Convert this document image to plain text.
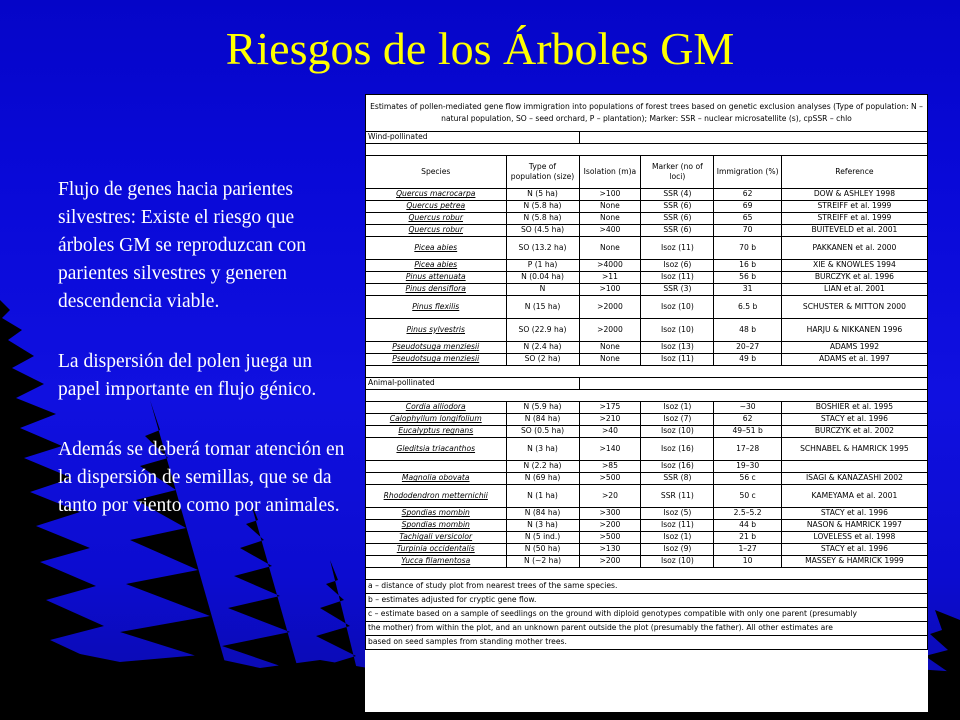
Riesgos de los Árboles GM

Flujo de genes hacia parientes silvestres: Existe el riesgo que árboles GM se reproduzcan con parientes silvestres y generen descendencia viable.

La dispersión del polen juega un papel importante en flujo génico.

Además se deberá tomar atención en la dispersión de semillas, que se da tanto por viento como por animales.

Estimates of pollen-mediated gene flow immigration into populations of forest trees based on genetic exclusion analyses (Type of population: N – natural population, SO – seed orchard, P – plantation); Marker: SSR – nuclear microsatellite (s), cpSSR – chlo					
Wind-pollinated					

Species	Type of population (size)	Isolation (m)a	Marker (no of loci)	Immigration (%)	Reference
Quercus macrocarpa	N (5 ha)	>100	SSR (4)	62	DOW & ASHLEY 1998
Quercus petrea	N (5.8 ha)	None	SSR (6)	69	STREIFF et al. 1999
Quercus robur	N (5.8 ha)	None	SSR (6)	65	STREIFF et al. 1999
Quercus robur	SO (4.5 ha)	>400	SSR (6)	70	BUITEVELD et al. 2001
Picea abies	SO (13.2 ha)	None	Isoz (11)	70 b	PAKKANEN et al. 2000
Picea abies	P (1 ha)	>4000	Isoz (6)	16 b	XIE & KNOWLES 1994
Pinus attenuata	N (0.04 ha)	>11	Isoz (11)	56 b	BURCZYK et al. 1996
Pinus densiflora	N	>100	SSR (3)	31	LIAN et al. 2001
Pinus flexilis	N (15 ha)	>2000	Isoz (10)	6.5 b	SCHUSTER & MITTON 2000
Pinus sylvestris	SO (22.9 ha)	>2000	Isoz (10)	48 b	HARJU & NIKKANEN 1996
Pseudotsuga menziesii	N (2.4 ha)	None	Isoz (13)	20–27	ADAMS 1992
Pseudotsuga menziesii	SO (2 ha)	None	Isoz (11)	49 b	ADAMS et al. 1997

Animal-pollinated					

Cordia alliodora	N (5.9 ha)	>175	Isoz (1)	~30	BOSHIER et al. 1995
Calophyllum longifolium	N (84 ha)	>210	Isoz (7)	62	STACY et al. 1996
Eucalyptus regnans	SO (0.5 ha)	>40	Isoz (10)	49–51 b	BURCZYK et al. 2002
Gleditsia triacanthos	N (3 ha)	>140	Isoz (16)	17–28	SCHNABEL & HAMRICK 1995
	N (2.2 ha)	>85	Isoz (16)	19–30	
Magnolia obovata	N (69 ha)	>500	SSR (8)	56 c	ISAGI & KANAZASHI 2002
Rhododendron metternichii	N (1 ha)	>20	SSR (11)	50 c	KAMEYAMA et al. 2001
Spondias mombin	N (84 ha)	>300	Isoz (5)	2.5–5.2	STACY et al. 1996
Spondias mombin	N (3 ha)	>200	Isoz (11)	44 b	NASON & HAMRICK 1997
Tachigali versicolor	N (5 ind.)	>500	Isoz (1)	21 b	LOVELESS et al. 1998
Turpinia occidentalis	N (50 ha)	>130	Isoz (9)	1–27	STACY et al. 1996
Yucca filamentosa	N (~2 ha)	>200	Isoz (10)	10	MASSEY & HAMRICK 1999

a – distance of study plot from nearest trees of the same species.					
b – estimates adjusted for cryptic gene flow.					
c – estimate based on a sample of seedlings on the ground with diploid genotypes compatible with only one parent (presumably					
the mother) from within the plot, and an unknown parent outside the plot (presumably the father). All other estimates are					
based on seed samples from standing mother trees.					
